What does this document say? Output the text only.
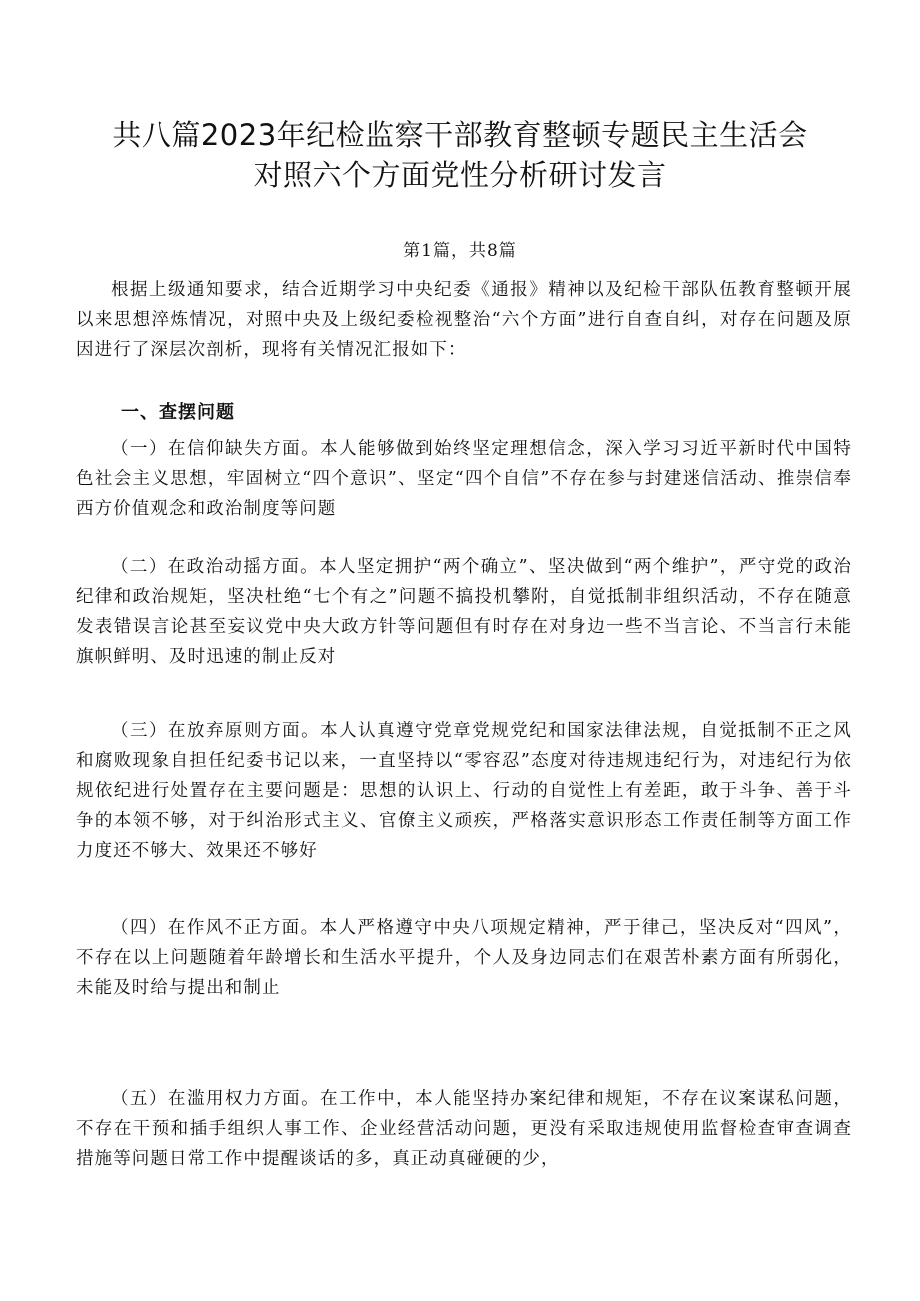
共八篇2023年纪检监察干部教育整顿专题民主生活会
对照六个方面党性分析研讨发言
第1篇，共8篇

根据上级通知要求，结合近期学习中央纪委《通报》精神以及纪检干部队伍教育整顿开展以来思想淬炼情况，对照中央及上级纪委检视整治“六个方面”进行自查自纠，对存在问题及原因进行了深层次剖析，现将有关情况汇报如下：

一、查摆问题

（一）在信仰缺失方面。本人能够做到始终坚定理想信念，深入学习习近平新时代中国特色社会主义思想，牢固树立“四个意识”、坚定“四个自信”不存在参与封建迷信活动、推崇信奉西方价值观念和政治制度等问题

（二）在政治动摇方面。本人坚定拥护“两个确立”、坚决做到“两个维护”，严守党的政治纪律和政治规矩，坚决杜绝“七个有之”问题不搞投机攀附，自觉抵制非组织活动，不存在随意发表错误言论甚至妄议党中央大政方针等问题但有时存在对身边一些不当言论、不当言行未能旗帜鲜明、及时迅速的制止反对

（三）在放弃原则方面。本人认真遵守党章党规党纪和国家法律法规，自觉抵制不正之风和腐败现象自担任纪委书记以来，一直坚持以“零容忍”态度对待违规违纪行为，对违纪行为依规依纪进行处置存在主要问题是：思想的认识上、行动的自觉性上有差距，敢于斗争、善于斗争的本领不够，对于纠治形式主义、官僚主义顽疾，严格落实意识形态工作责任制等方面工作力度还不够大、效果还不够好

（四）在作风不正方面。本人严格遵守中央八项规定精神，严于律己，坚决反对“四风”，不存在以上问题随着年龄增长和生活水平提升，个人及身边同志们在艰苦朴素方面有所弱化，未能及时给与提出和制止

（五）在滥用权力方面。在工作中，本人能坚持办案纪律和规矩，不存在议案谋私问题，不存在干预和插手组织人事工作、企业经营活动问题，更没有采取违规使用监督检查审查调查措施等问题日常工作中提醒谈话的多，真正动真碰硬的少，
